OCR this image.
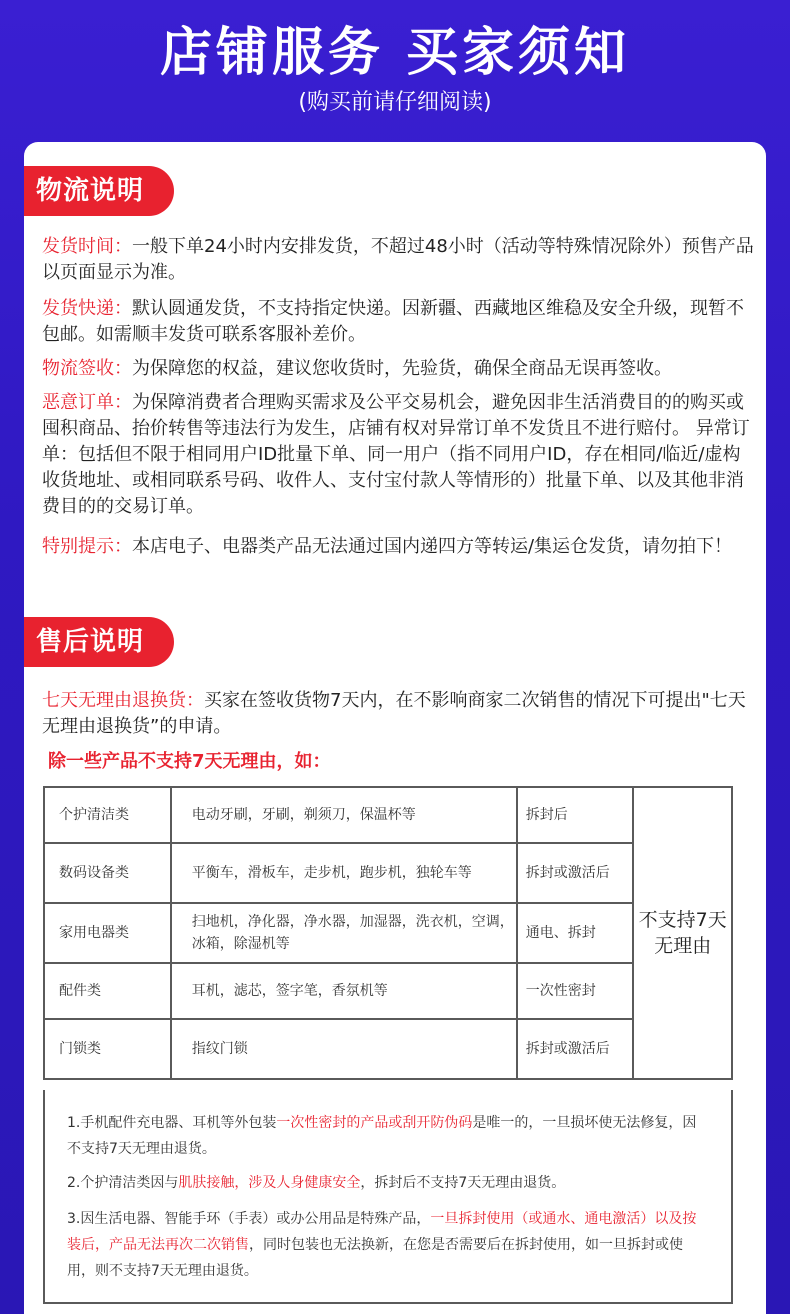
店铺服务 买家须知
(购买前请仔细阅读)
物流说明
发货时间：一般下单24小时内安排发货，不超过48小时（活动等特殊情况除外）预售产品以页面显示为准。
发货快递：默认圆通发货，不支持指定快递。因新疆、西藏地区维稳及安全升级，现暂不包邮。如需顺丰发货可联系客服补差价。
物流签收：为保障您的权益，建议您收货时，先验货，确保全商品无误再签收。
恶意订单：为保障消费者合理购买需求及公平交易机会，避免因非生活消费目的的购买或囤积商品、抬价转售等违法行为发生，店铺有权对异常订单不发货且不进行赔付。 异常订单：包括但不限于相同用户ID批量下单、同一用户（指不同用户ID，存在相同/临近/虚构收货地址、或相同联系号码、收件人、支付宝付款人等情形的）批量下单、以及其他非消费目的的交易订单。
特别提示：本店电子、电器类产品无法通过国内递四方等转运/集运仓发货，请勿拍下！
售后说明
七天无理由退换货：买家在签收货物7天内，在不影响商家二次销售的情况下可提出"七天无理由退换货”的申请。
除一些产品不支持7天无理由，如：
个护清洁类	电动牙刷，牙刷，剃须刀，保温杯等	拆封后	不支持7天无理由
数码设备类	平衡车，滑板车，走步机，跑步机，独轮车等	拆封或激活后	
家用电器类	扫地机，净化器，净水器，加湿器，洗衣机，空调，冰箱，除湿机等	通电、拆封	
配件类	耳机，滤芯，签字笔，香氛机等	一次性密封	
门锁类	指纹门锁	拆封或激活后	
1.手机配件充电器、耳机等外包装一次性密封的产品或刮开防伪码是唯一的，一旦损坏使无法修复，因不支持7天无理由退货。
2.个护清洁类因与肌肤接触，涉及人身健康安全，拆封后不支持7天无理由退货。
3.因生活电器、智能手环（手表）或办公用品是特殊产品，一旦拆封使用（或通水、通电激活）以及按装后，产品无法再次二次销售，同时包装也无法换新，在您是否需要后在拆封使用，如一旦拆封或使用，则不支持7天无理由退货。
